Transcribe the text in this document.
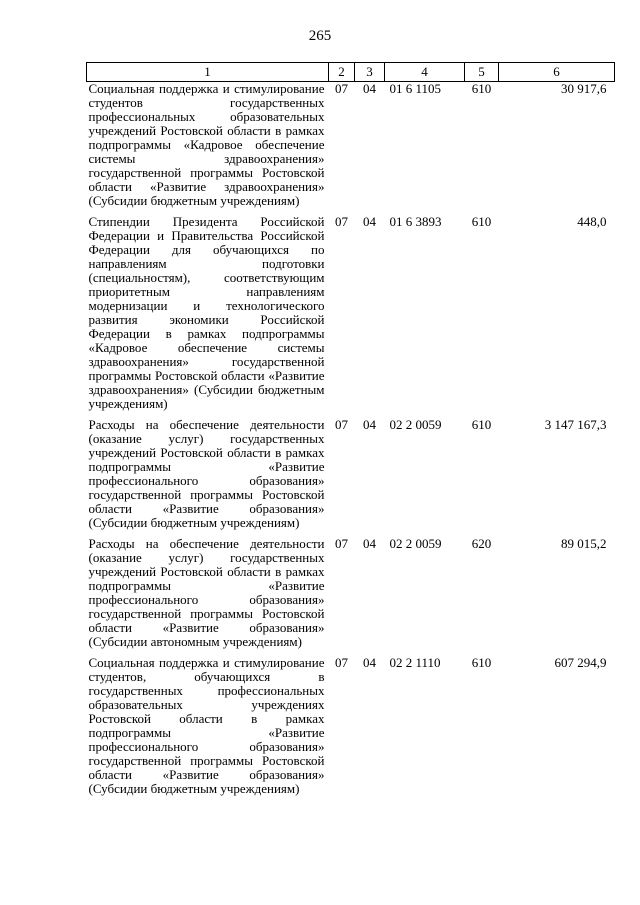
265
1	2	3	4	5	6
Социальная поддержка и стимулирование студентов государственных профессиональных образовательных учреждений Ростовской области в рамках подпрограммы «Кадровое обеспечение системы здравоохранения» государственной программы Ростовской области «Развитие здравоохранения» (Субсидии бюджетным учреждениям)	07	04	01 6 1105	610	30 917,6
Стипендии Президента Российской Федерации и Правительства Российской Федерации для обучающихся по направлениям подготовки (специальностям), соответствующим приоритетным направлениям модернизации и технологического развития экономики Российской Федерации в рамках подпрограммы «Кадровое обеспечение системы здравоохранения» государственной программы Ростовской области «Развитие здравоохранения» (Субсидии бюджетным учреждениям)	07	04	01 6 3893	610	448,0
Расходы на обеспечение деятельности (оказание услуг) государственных учреждений Ростовской области в рамках подпрограммы «Развитие профессионального образования» государственной программы Ростовской области «Развитие образования» (Субсидии бюджетным учреждениям)	07	04	02 2 0059	610	3 147 167,3
Расходы на обеспечение деятельности (оказание услуг) государственных учреждений Ростовской области в рамках подпрограммы «Развитие профессионального образования» государственной программы Ростовской области «Развитие образования» (Субсидии автономным учреждениям)	07	04	02 2 0059	620	89 015,2
Социальная поддержка и стимулирование студентов, обучающихся в государственных профессиональных образовательных учреждениях Ростовской области в рамках подпрограммы «Развитие профессионального образования» государственной программы Ростовской области «Развитие образования» (Субсидии бюджетным учреждениям)	07	04	02 2 1110	610	607 294,9
